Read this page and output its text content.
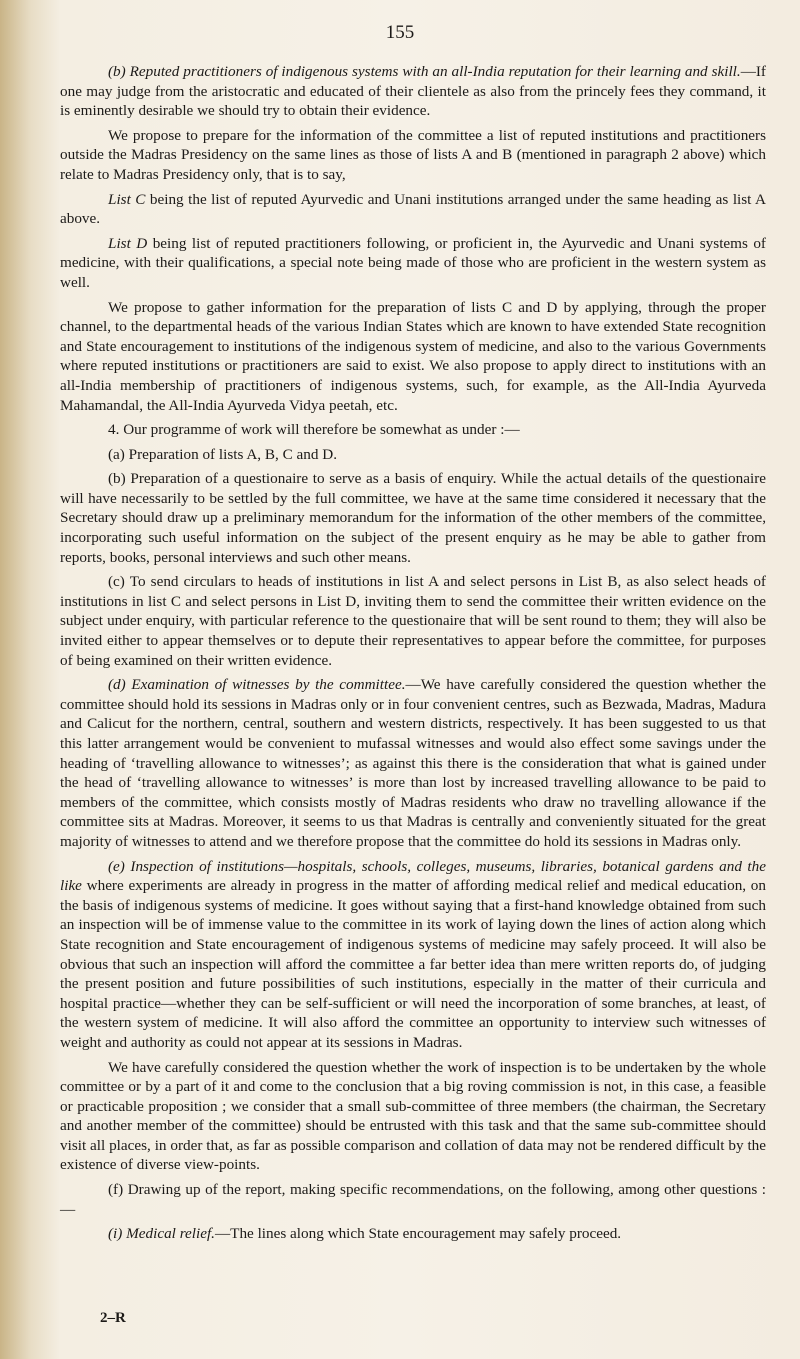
155

(b) Reputed practitioners of indigenous systems with an all-India reputation for their learning and skill.—If one may judge from the aristocratic and educated of their clientele as also from the princely fees they command, it is eminently desirable we should try to obtain their evidence.

We propose to prepare for the information of the committee a list of reputed institutions and practitioners outside the Madras Presidency on the same lines as those of lists A and B (mentioned in paragraph 2 above) which relate to Madras Presidency only, that is to say,

List C being the list of reputed Ayurvedic and Unani institutions arranged under the same heading as list A above.

List D being list of reputed practitioners following, or proficient in, the Ayurvedic and Unani systems of medicine, with their qualifications, a special note being made of those who are proficient in the western system as well.

We propose to gather information for the preparation of lists C and D by applying, through the proper channel, to the departmental heads of the various Indian States which are known to have extended State recognition and State encouragement to institutions of the indigenous system of medicine, and also to the various Governments where reputed institutions or practitioners are said to exist. We also propose to apply direct to institutions with an all-India membership of practitioners of indigenous systems, such, for example, as the All-India Ayurveda Mahamandal, the All-India Ayurveda Vidya peetah, etc.

4. Our programme of work will therefore be somewhat as under :—

(a) Preparation of lists A, B, C and D.

(b) Preparation of a questionaire to serve as a basis of enquiry. While the actual details of the questionaire will have necessarily to be settled by the full committee, we have at the same time considered it necessary that the Secretary should draw up a preliminary memorandum for the information of the other members of the committee, incorporating such useful information on the subject of the present enquiry as he may be able to gather from reports, books, personal interviews and such other means.

(c) To send circulars to heads of institutions in list A and select persons in List B, as also select heads of institutions in list C and select persons in List D, inviting them to send the committee their written evidence on the subject under enquiry, with particular reference to the questionaire that will be sent round to them; they will also be invited either to appear themselves or to depute their representatives to appear before the committee, for purposes of being examined on their written evidence.

(d) Examination of witnesses by the committee.—We have carefully considered the question whether the committee should hold its sessions in Madras only or in four convenient centres, such as Bezwada, Madras, Madura and Calicut for the northern, central, southern and western districts, respectively. It has been suggested to us that this latter arrangement would be convenient to mufassal witnesses and would also effect some savings under the heading of ‘travelling allowance to witnesses’; as against this there is the consideration that what is gained under the head of ‘travelling allowance to witnesses’ is more than lost by increased travelling allowance to be paid to members of the committee, which consists mostly of Madras residents who draw no travelling allowance if the committee sits at Madras. Moreover, it seems to us that Madras is centrally and conveniently situated for the great majority of witnesses to attend and we therefore propose that the committee do hold its sessions in Madras only.

(e) Inspection of institutions—hospitals, schools, colleges, museums, libraries, botanical gardens and the like where experiments are already in progress in the matter of affording medical relief and medical education, on the basis of indigenous systems of medicine. It goes without saying that a first-hand knowledge obtained from such an inspection will be of immense value to the committee in its work of laying down the lines of action along which State recognition and State encouragement of indigenous systems of medicine may safely proceed. It will also be obvious that such an inspection will afford the committee a far better idea than mere written reports do, of judging the present position and future possibilities of such institutions, especially in the matter of their curricula and hospital practice—whether they can be self-sufficient or will need the incorporation of some branches, at least, of the western system of medicine. It will also afford the committee an opportunity to interview such witnesses of weight and authority as could not appear at its sessions in Madras.

We have carefully considered the question whether the work of inspection is to be undertaken by the whole committee or by a part of it and come to the conclusion that a big roving commission is not, in this case, a feasible or practicable proposition ; we consider that a small sub-committee of three members (the chairman, the Secretary and another member of the committee) should be entrusted with this task and that the same sub-committee should visit all places, in order that, as far as possible comparison and collation of data may not be rendered difficult by the existence of diverse view-points.

(f) Drawing up of the report, making specific recommendations, on the following, among other questions :—

(i) Medical relief.—The lines along which State encouragement may safely proceed.

2–R
